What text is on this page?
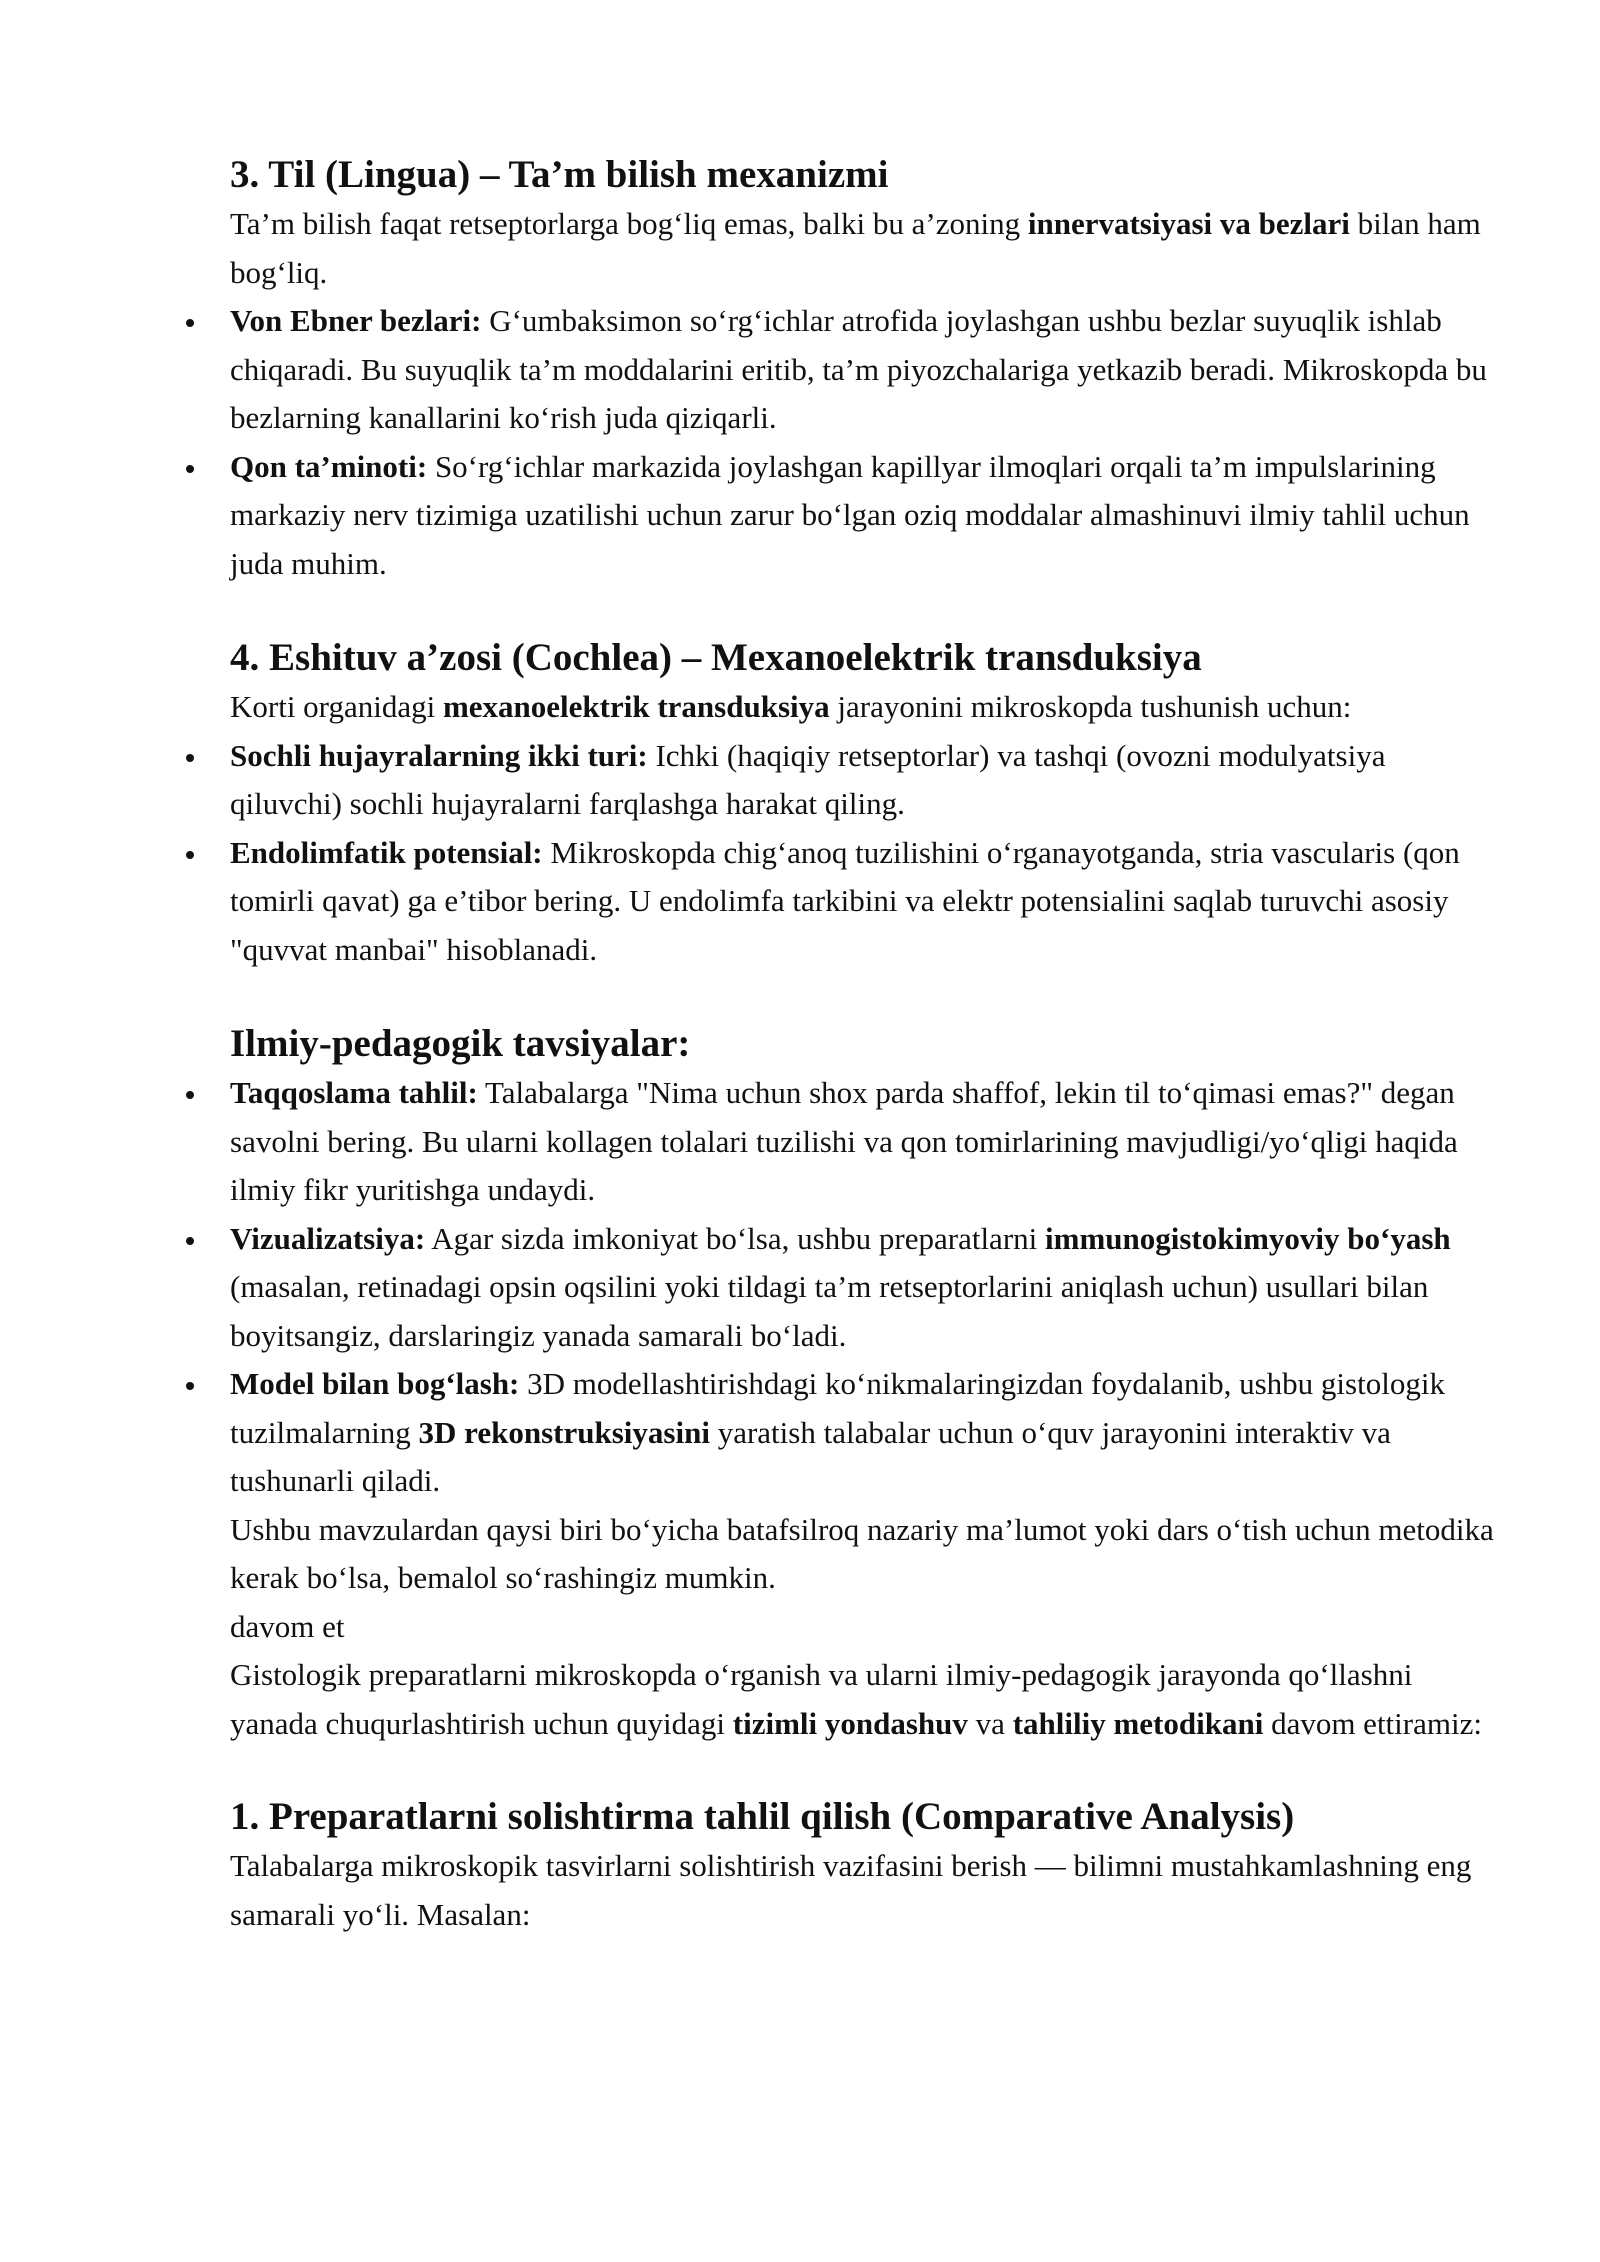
3. Til (Lingua) – Ta’m bilish mexanizmi

Ta’m bilish faqat retseptorlarga bog‘liq emas, balki bu a’zoning innervatsiyasi va bezlari bilan ham bog‘liq.

Von Ebner bezlari: G‘umbaksimon so‘rg‘ichlar atrofida joylashgan ushbu bezlar suyuqlik ishlab chiqaradi. Bu suyuqlik ta’m moddalarini eritib, ta’m piyozchalariga yetkazib beradi. Mikroskopda bu bezlarning kanallarini ko‘rish juda qiziqarli.
Qon ta’minoti: So‘rg‘ichlar markazida joylashgan kapillyar ilmoqlari orqali ta’m impulslarining markaziy nerv tizimiga uzatilishi uchun zarur bo‘lgan oziq moddalar almashinuvi ilmiy tahlil uchun juda muhim.
4. Eshituv a’zosi (Cochlea) – Mexanoelektrik transduksiya

Korti organidagi mexanoelektrik transduksiya jarayonini mikroskopda tushunish uchun:

Sochli hujayralarning ikki turi: Ichki (haqiqiy retseptorlar) va tashqi (ovozni modulyatsiya qiluvchi) sochli hujayralarni farqlashga harakat qiling.
Endolimfatik potensial: Mikroskopda chig‘anoq tuzilishini o‘rganayotganda, stria vascularis (qon tomirli qavat) ga e’tibor bering. U endolimfa tarkibini va elektr potensialini saqlab turuvchi asosiy "quvvat manbai" hisoblanadi.
Ilmiy-pedagogik tavsiyalar:
Taqqoslama tahlil: Talabalarga "Nima uchun shox parda shaffof, lekin til to‘qimasi emas?" degan savolni bering. Bu ularni kollagen tolalari tuzilishi va qon tomirlarining mavjudligi/yo‘qligi haqida ilmiy fikr yuritishga undaydi.
Vizualizatsiya: Agar sizda imkoniyat bo‘lsa, ushbu preparatlarni immunogistokimyoviy bo‘yash (masalan, retinadagi opsin oqsilini yoki tildagi ta’m retseptorlarini aniqlash uchun) usullari bilan boyitsangiz, darslaringiz yanada samarali bo‘ladi.
Model bilan bog‘lash: 3D modellashtirishdagi ko‘nikmalaringizdan foydalanib, ushbu gistologik tuzilmalarning 3D rekonstruksiyasini yaratish talabalar uchun o‘quv jarayonini interaktiv va tushunarli qiladi.

Ushbu mavzulardan qaysi biri bo‘yicha batafsilroq nazariy ma’lumot yoki dars o‘tish uchun metodika kerak bo‘lsa, bemalol so‘rashingiz mumkin.

davom et

Gistologik preparatlarni mikroskopda o‘rganish va ularni ilmiy-pedagogik jarayonda qo‘llashni yanada chuqurlashtirish uchun quyidagi tizimli yondashuv va tahliliy metodikani davom ettiramiz:

1. Preparatlarni solishtirma tahlil qilish (Comparative Analysis)

Talabalarga mikroskopik tasvirlarni solishtirish vazifasini berish — bilimni mustahkamlashning eng samarali yo‘li. Masalan:
